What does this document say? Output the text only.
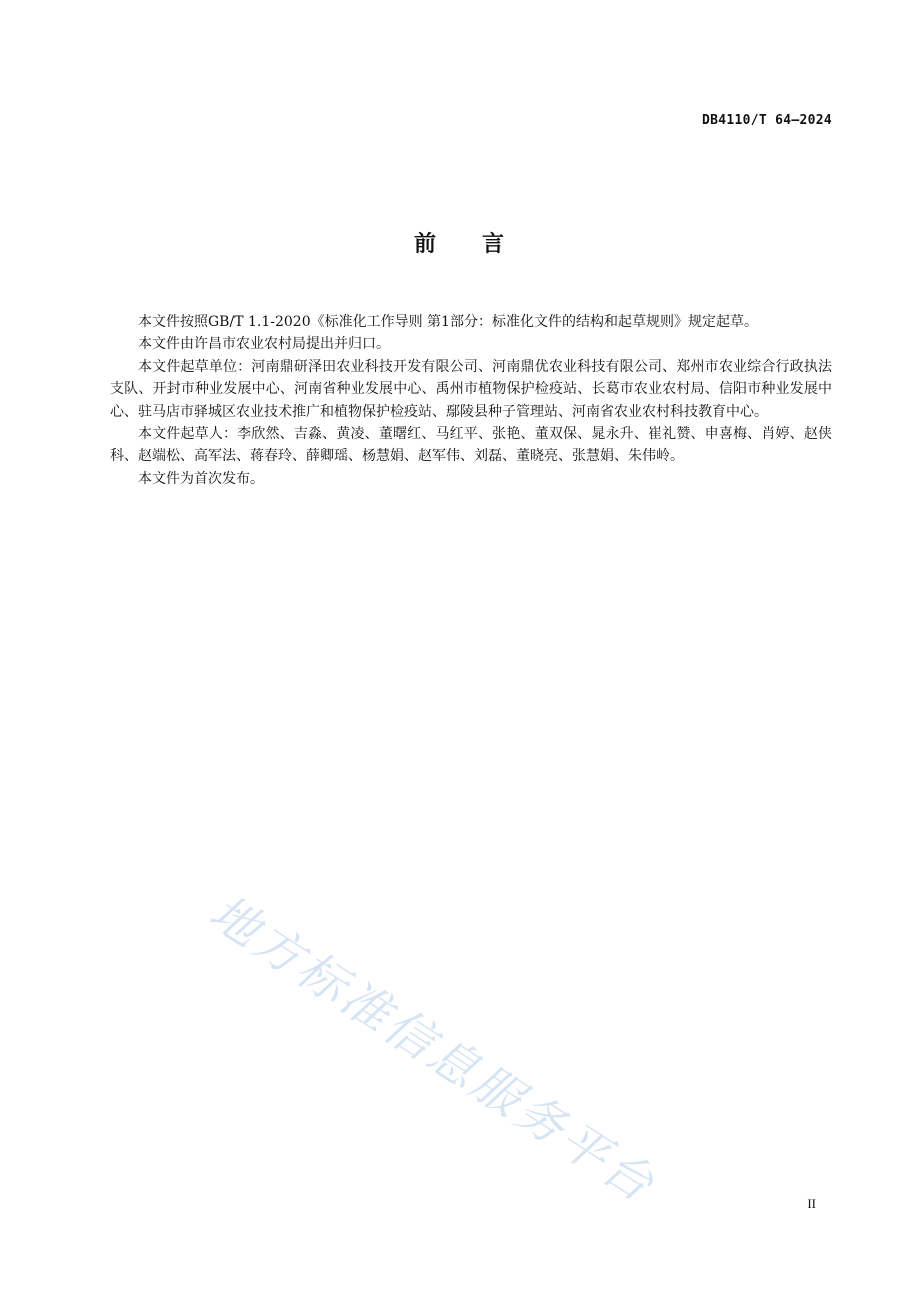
DB4110/T 64—2024
前 言

本文件按照GB/T 1.1-2020《标准化工作导则 第1部分：标准化文件的结构和起草规则》规定起草。

本文件由许昌市农业农村局提出并归口。

本文件起草单位：河南鼎研泽田农业科技开发有限公司、河南鼎优农业科技有限公司、郑州市农业综合行政执法支队、开封市种业发展中心、河南省种业发展中心、禹州市植物保护检疫站、长葛市农业农村局、信阳市种业发展中心、驻马店市驿城区农业技术推广和植物保护检疫站、鄢陵县种子管理站、河南省农业农村科技教育中心。

本文件起草人：李欣然、吉淼、黄凌、董曙红、马红平、张艳、董双保、晁永升、崔礼赞、申喜梅、肖婷、赵侠科、赵端松、高军法、蒋春玲、薛卿瑶、杨慧娟、赵军伟、刘磊、董晓亮、张慧娟、朱伟岭。

本文件为首次发布。

地方标准信息服务平台	II
